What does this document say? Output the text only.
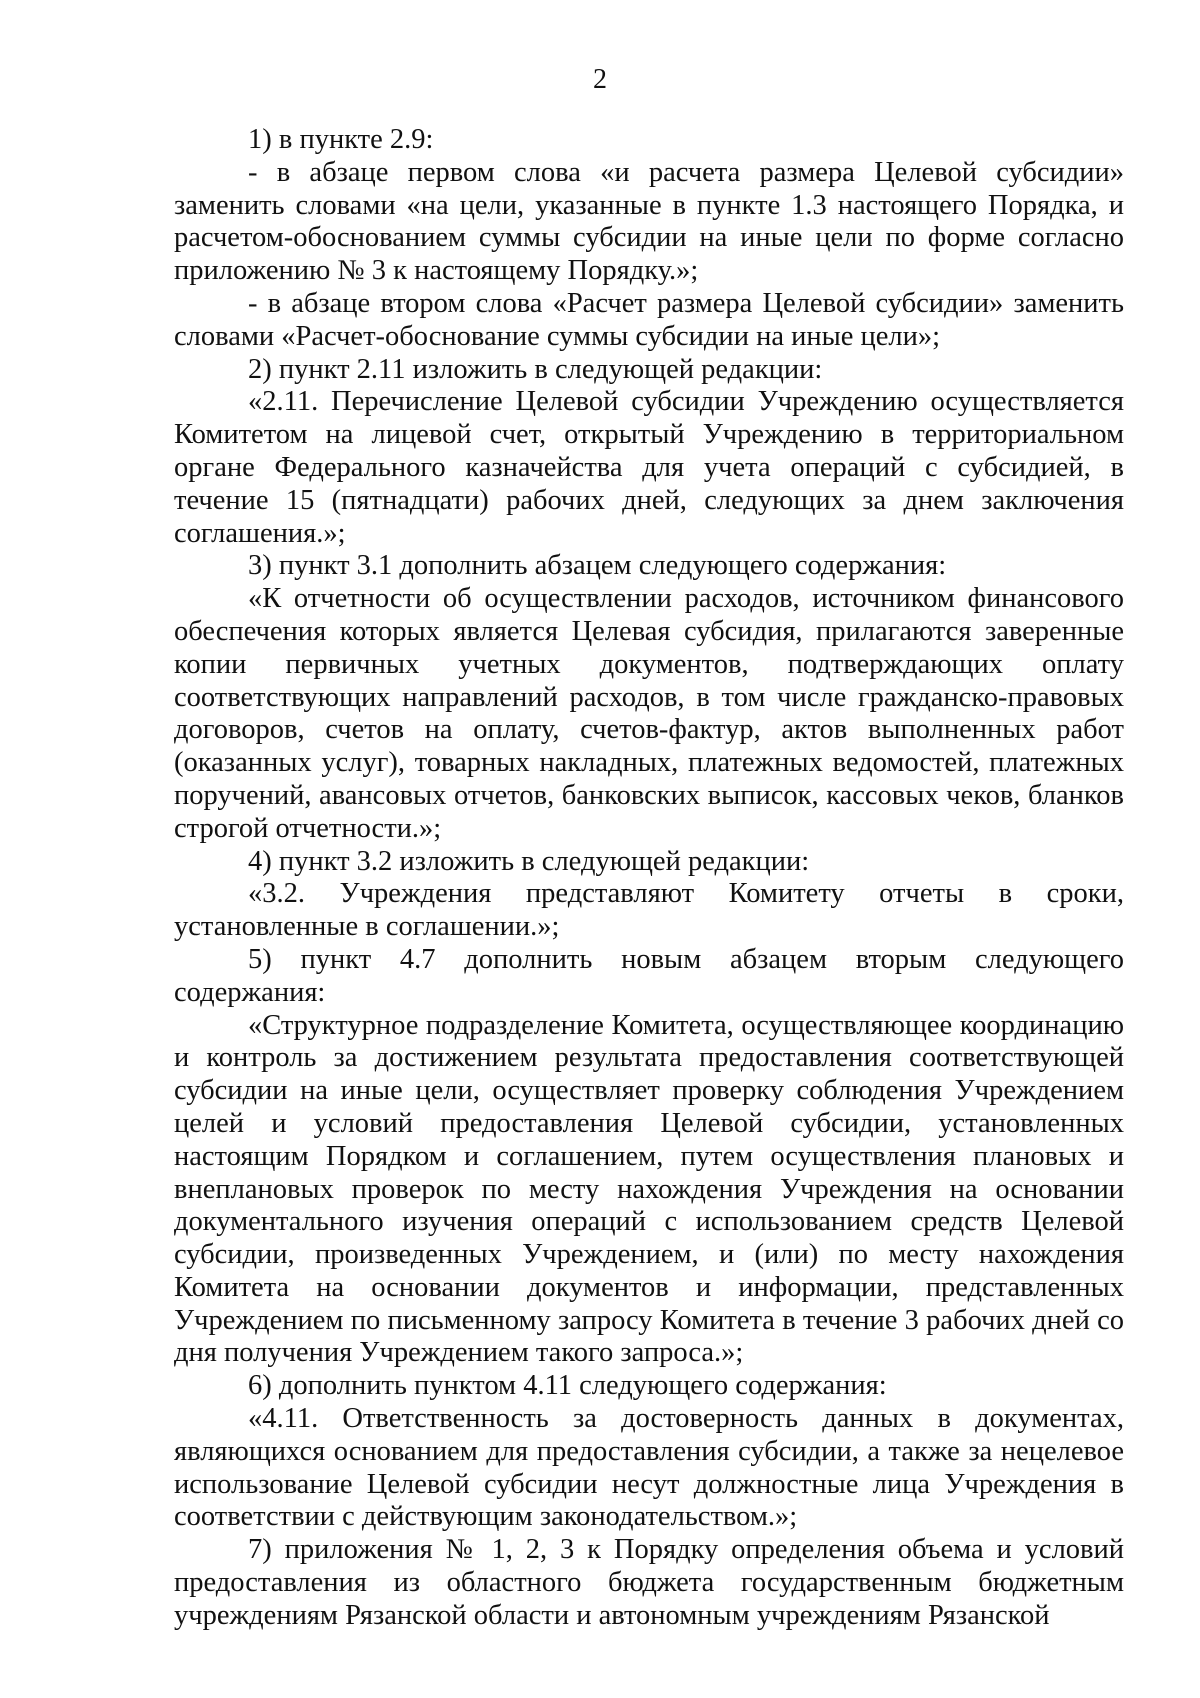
2

1) в пункте 2.9:

- в абзаце первом слова «и расчета размера Целевой субсидии» заменить словами «на цели, указанные в пункте 1.3 настоящего Порядка, и расчетом-обоснованием суммы субсидии на иные цели по форме согласно приложению № 3 к настоящему Порядку.»;

- в абзаце втором слова «Расчет размера Целевой субсидии» заменить словами «Расчет-обоснование суммы субсидии на иные цели»;

2) пункт 2.11 изложить в следующей редакции:

«2.11. Перечисление Целевой субсидии Учреждению осуществляется Комитетом на лицевой счет, открытый Учреждению в территориальном органе Федерального казначейства для учета операций с субсидией, в течение 15 (пятнадцати) рабочих дней, следующих за днем заключения соглашения.»;

3) пункт 3.1 дополнить абзацем следующего содержания:

«К отчетности об осуществлении расходов, источником финансового обеспечения которых является Целевая субсидия, прилагаются заверенные копии первичных учетных документов, подтверждающих оплату соответствующих направлений расходов, в том числе гражданско-правовых договоров, счетов на оплату, счетов-фактур, актов выполненных работ (оказанных услуг), товарных накладных, платежных ведомостей, платежных поручений, авансовых отчетов, банковских выписок, кассовых чеков, бланков строгой отчетности.»;

4) пункт 3.2 изложить в следующей редакции:

«3.2. Учреждения представляют Комитету отчеты в сроки, установленные в соглашении.»;

5) пункт 4.7 дополнить новым абзацем вторым следующего содержания:

«Структурное подразделение Комитета, осуществляющее координацию и контроль за достижением результата предоставления соответствующей субсидии на иные цели, осуществляет проверку соблюдения Учреждением целей и условий предоставления Целевой субсидии, установленных настоящим Порядком и соглашением, путем осуществления плановых и внеплановых проверок по месту нахождения Учреждения на основании документального изучения операций с использованием средств Целевой субсидии, произведенных Учреждением, и (или) по месту нахождения Комитета на основании документов и информации, представленных Учреждением по письменному запросу Комитета в течение 3 рабочих дней со дня получения Учреждением такого запроса.»;

6) дополнить пунктом 4.11 следующего содержания:

«4.11. Ответственность за достоверность данных в документах, являющихся основанием для предоставления субсидии, а также за нецелевое использование Целевой субсидии несут должностные лица Учреждения в соответствии с действующим законодательством.»;

7) приложения № 1, 2, 3 к Порядку определения объема и условий предоставления из областного бюджета государственным бюджетным учреждениям Рязанской области и автономным учреждениям Рязанской
